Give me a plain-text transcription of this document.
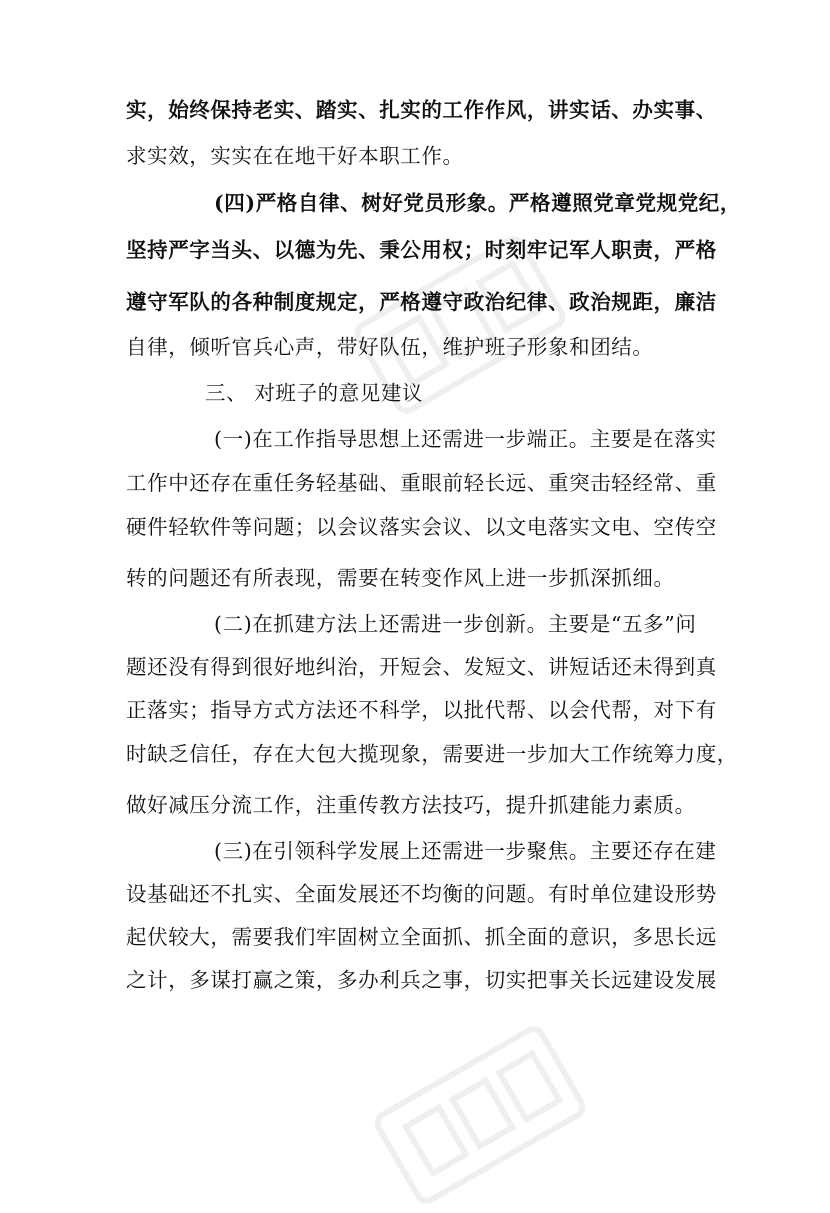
实，始终保持老实、踏实、扎实的工作作风，讲实话、办实事、
求实效，实实在在地干好本职工作。
(四)严格自律、树好党员形象。严格遵照党章党规党纪，
坚持严字当头、以德为先、秉公用权；时刻牢记军人职责，严格
遵守军队的各种制度规定，严格遵守政治纪律、政治规距，廉洁
自律，倾听官兵心声，带好队伍，维护班子形象和团结。
三、 对班子的意见建议
(一)在工作指导思想上还需进一步端正。主要是在落实
工作中还存在重任务轻基础、重眼前轻长远、重突击轻经常、重
硬件轻软件等问题；以会议落实会议、以文电落实文电、空传空
转的问题还有所表现，需要在转变作风上进一步抓深抓细。
(二)在抓建方法上还需进一步创新。主要是“五多”问
题还没有得到很好地纠治，开短会、发短文、讲短话还未得到真
正落实；指导方式方法还不科学，以批代帮、以会代帮，对下有
时缺乏信任，存在大包大揽现象，需要进一步加大工作统筹力度，
做好减压分流工作，注重传教方法技巧，提升抓建能力素质。
(三)在引领科学发展上还需进一步聚焦。主要还存在建
设基础还不扎实、全面发展还不均衡的问题。有时单位建设形势
起伏较大，需要我们牢固树立全面抓、抓全面的意识，多思长远
之计，多谋打赢之策，多办利兵之事，切实把事关长远建设发展
